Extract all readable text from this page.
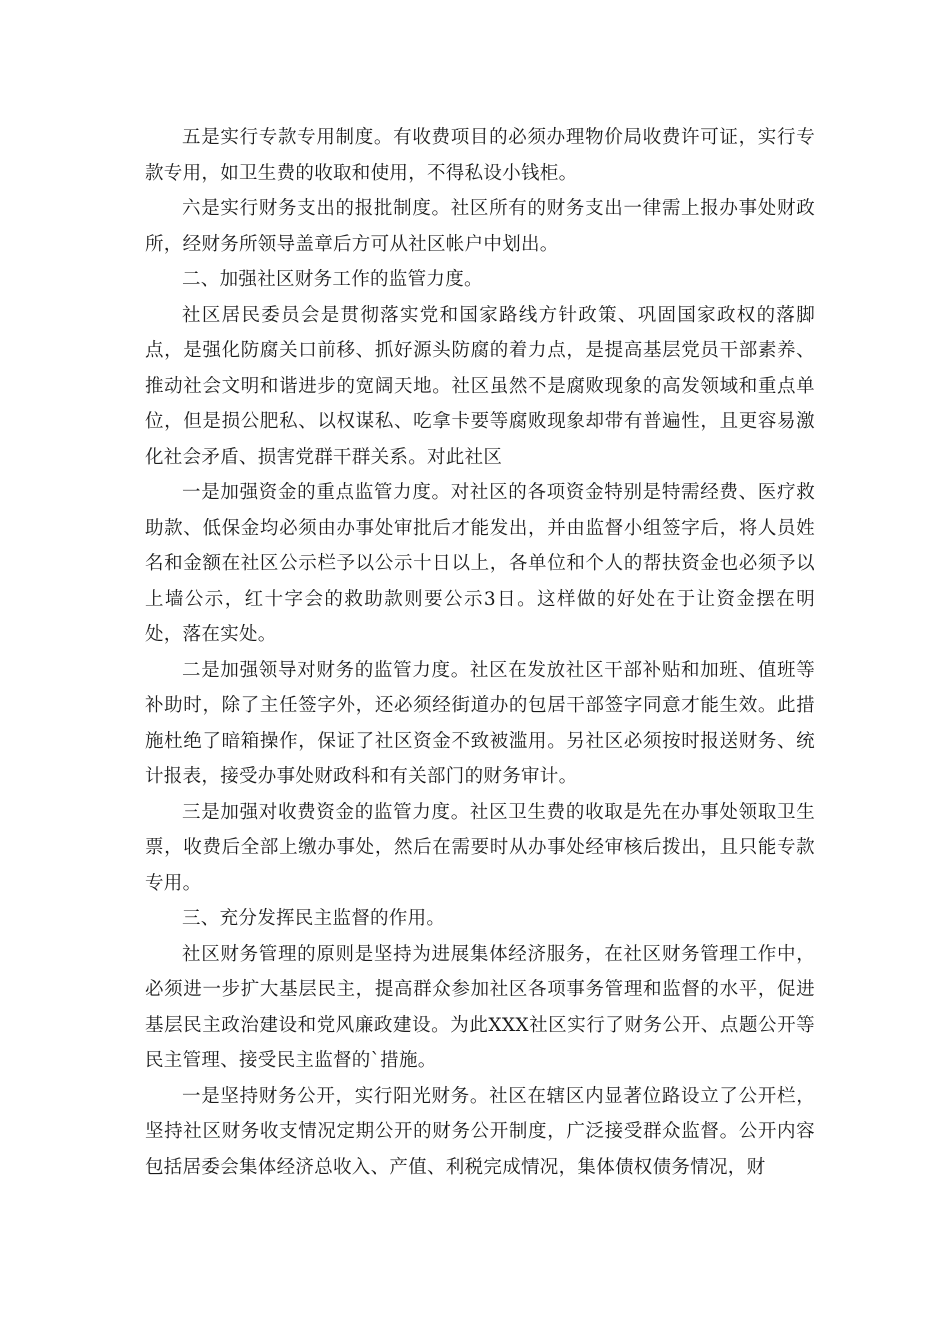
五是实行专款专用制度。有收费项目的必须办理物价局收费许可证，实行专款专用，如卫生费的收取和使用，不得私设小钱柜。

六是实行财务支出的报批制度。社区所有的财务支出一律需上报办事处财政所，经财务所领导盖章后方可从社区帐户中划出。

二、加强社区财务工作的监管力度。

社区居民委员会是贯彻落实党和国家路线方针政策、巩固国家政权的落脚点，是强化防腐关口前移、抓好源头防腐的着力点，是提高基层党员干部素养、推动社会文明和谐进步的宽阔天地。社区虽然不是腐败现象的高发领域和重点单位，但是损公肥私、以权谋私、吃拿卡要等腐败现象却带有普遍性，且更容易激化社会矛盾、损害党群干群关系。对此社区

一是加强资金的重点监管力度。对社区的各项资金特别是特需经费、医疗救助款、低保金均必须由办事处审批后才能发出，并由监督小组签字后，将人员姓名和金额在社区公示栏予以公示十日以上，各单位和个人的帮扶资金也必须予以上墙公示，红十字会的救助款则要公示3日。这样做的好处在于让资金摆在明处，落在实处。

二是加强领导对财务的监管力度。社区在发放社区干部补贴和加班、值班等补助时，除了主任签字外，还必须经街道办的包居干部签字同意才能生效。此措施杜绝了暗箱操作，保证了社区资金不致被滥用。另社区必须按时报送财务、统计报表，接受办事处财政科和有关部门的财务审计。

三是加强对收费资金的监管力度。社区卫生费的收取是先在办事处领取卫生票，收费后全部上缴办事处，然后在需要时从办事处经审核后拨出，且只能专款专用。

三、充分发挥民主监督的作用。

社区财务管理的原则是坚持为进展集体经济服务，在社区财务管理工作中，必须进一步扩大基层民主，提高群众参加社区各项事务管理和监督的水平，促进基层民主政治建设和党风廉政建设。为此XXX社区实行了财务公开、点题公开等民主管理、接受民主监督的`措施。

一是坚持财务公开，实行阳光财务。社区在辖区内显著位路设立了公开栏，坚持社区财务收支情况定期公开的财务公开制度，广泛接受群众监督。公开内容包括居委会集体经济总收入、产值、利税完成情况，集体债权债务情况，财
